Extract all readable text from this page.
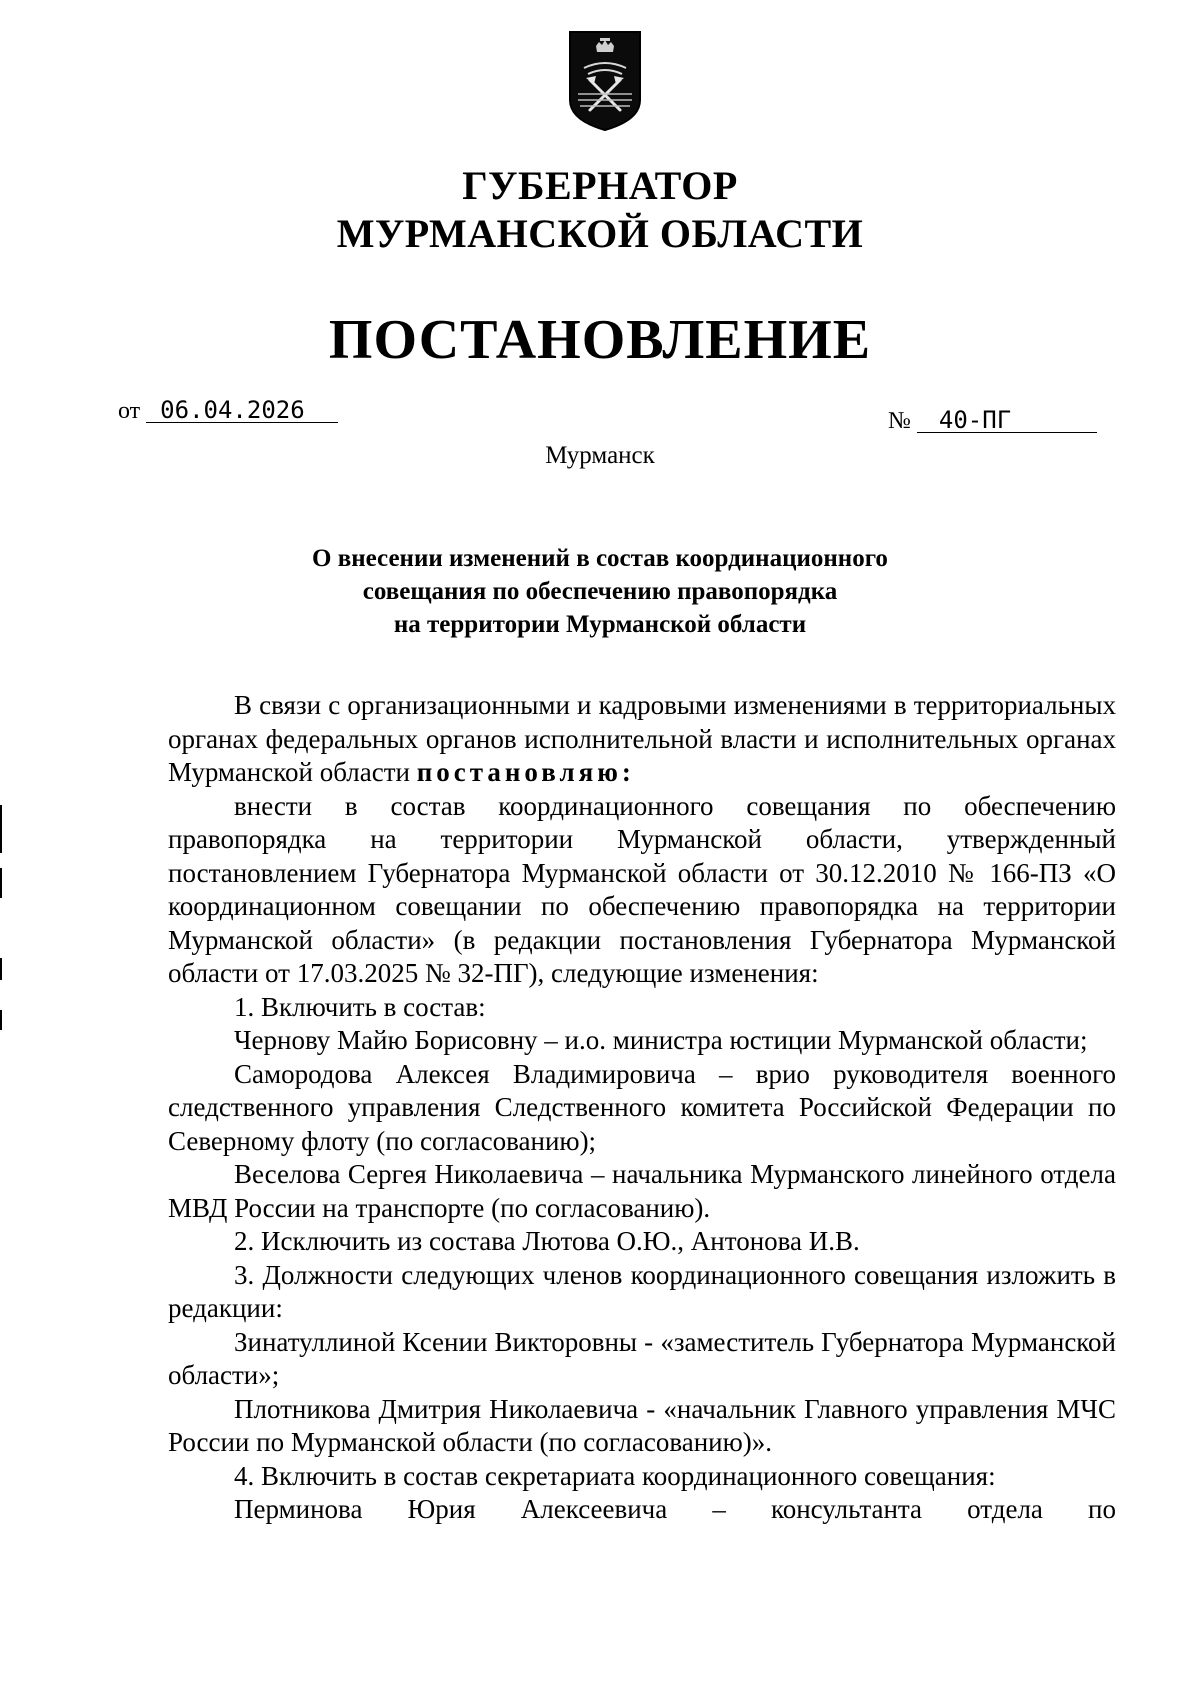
ГУБЕРНАТОР
МУРМАНСКОЙ ОБЛАСТИ
ПОСТАНОВЛЕНИЕ
от 06.04.2026	№ 40-ПГ
Мурманск
О внесении изменений в состав координационного
совещания по обеспечению правопорядка
на территории Мурманской области

В связи с организационными и кадровыми изменениями в территориальных органах федеральных органов исполнительной власти и исполнительных органах Мурманской области постановляю:

внести в состав координационного совещания по обеспечению правопорядка на территории Мурманской области, утвержденный постановлением Губернатора Мурманской области от 30.12.2010 № 166-ПЗ «О координационном совещании по обеспечению правопорядка на территории Мурманской области» (в редакции постановления Губернатора Мурманской области от 17.03.2025 № 32-ПГ), следующие изменения:

1. Включить в состав:

Чернову Майю Борисовну – и.о. министра юстиции Мурманской области;

Самородова Алексея Владимировича – врио руководителя военного следственного управления Следственного комитета Российской Федерации по Северному флоту (по согласованию);

Веселова Сергея Николаевича – начальника Мурманского линейного отдела МВД России на транспорте (по согласованию).

2. Исключить из состава Лютова О.Ю., Антонова И.В.

3. Должности следующих членов координационного совещания изложить в редакции:

Зинатуллиной Ксении Викторовны - «заместитель Губернатора Мурманской области»;

Плотникова Дмитрия Николаевича - «начальник Главного управления МЧС России по Мурманской области (по согласованию)».

4. Включить в состав секретариата координационного совещания:

Перминова Юрия Алексеевича – консультанта отдела по
